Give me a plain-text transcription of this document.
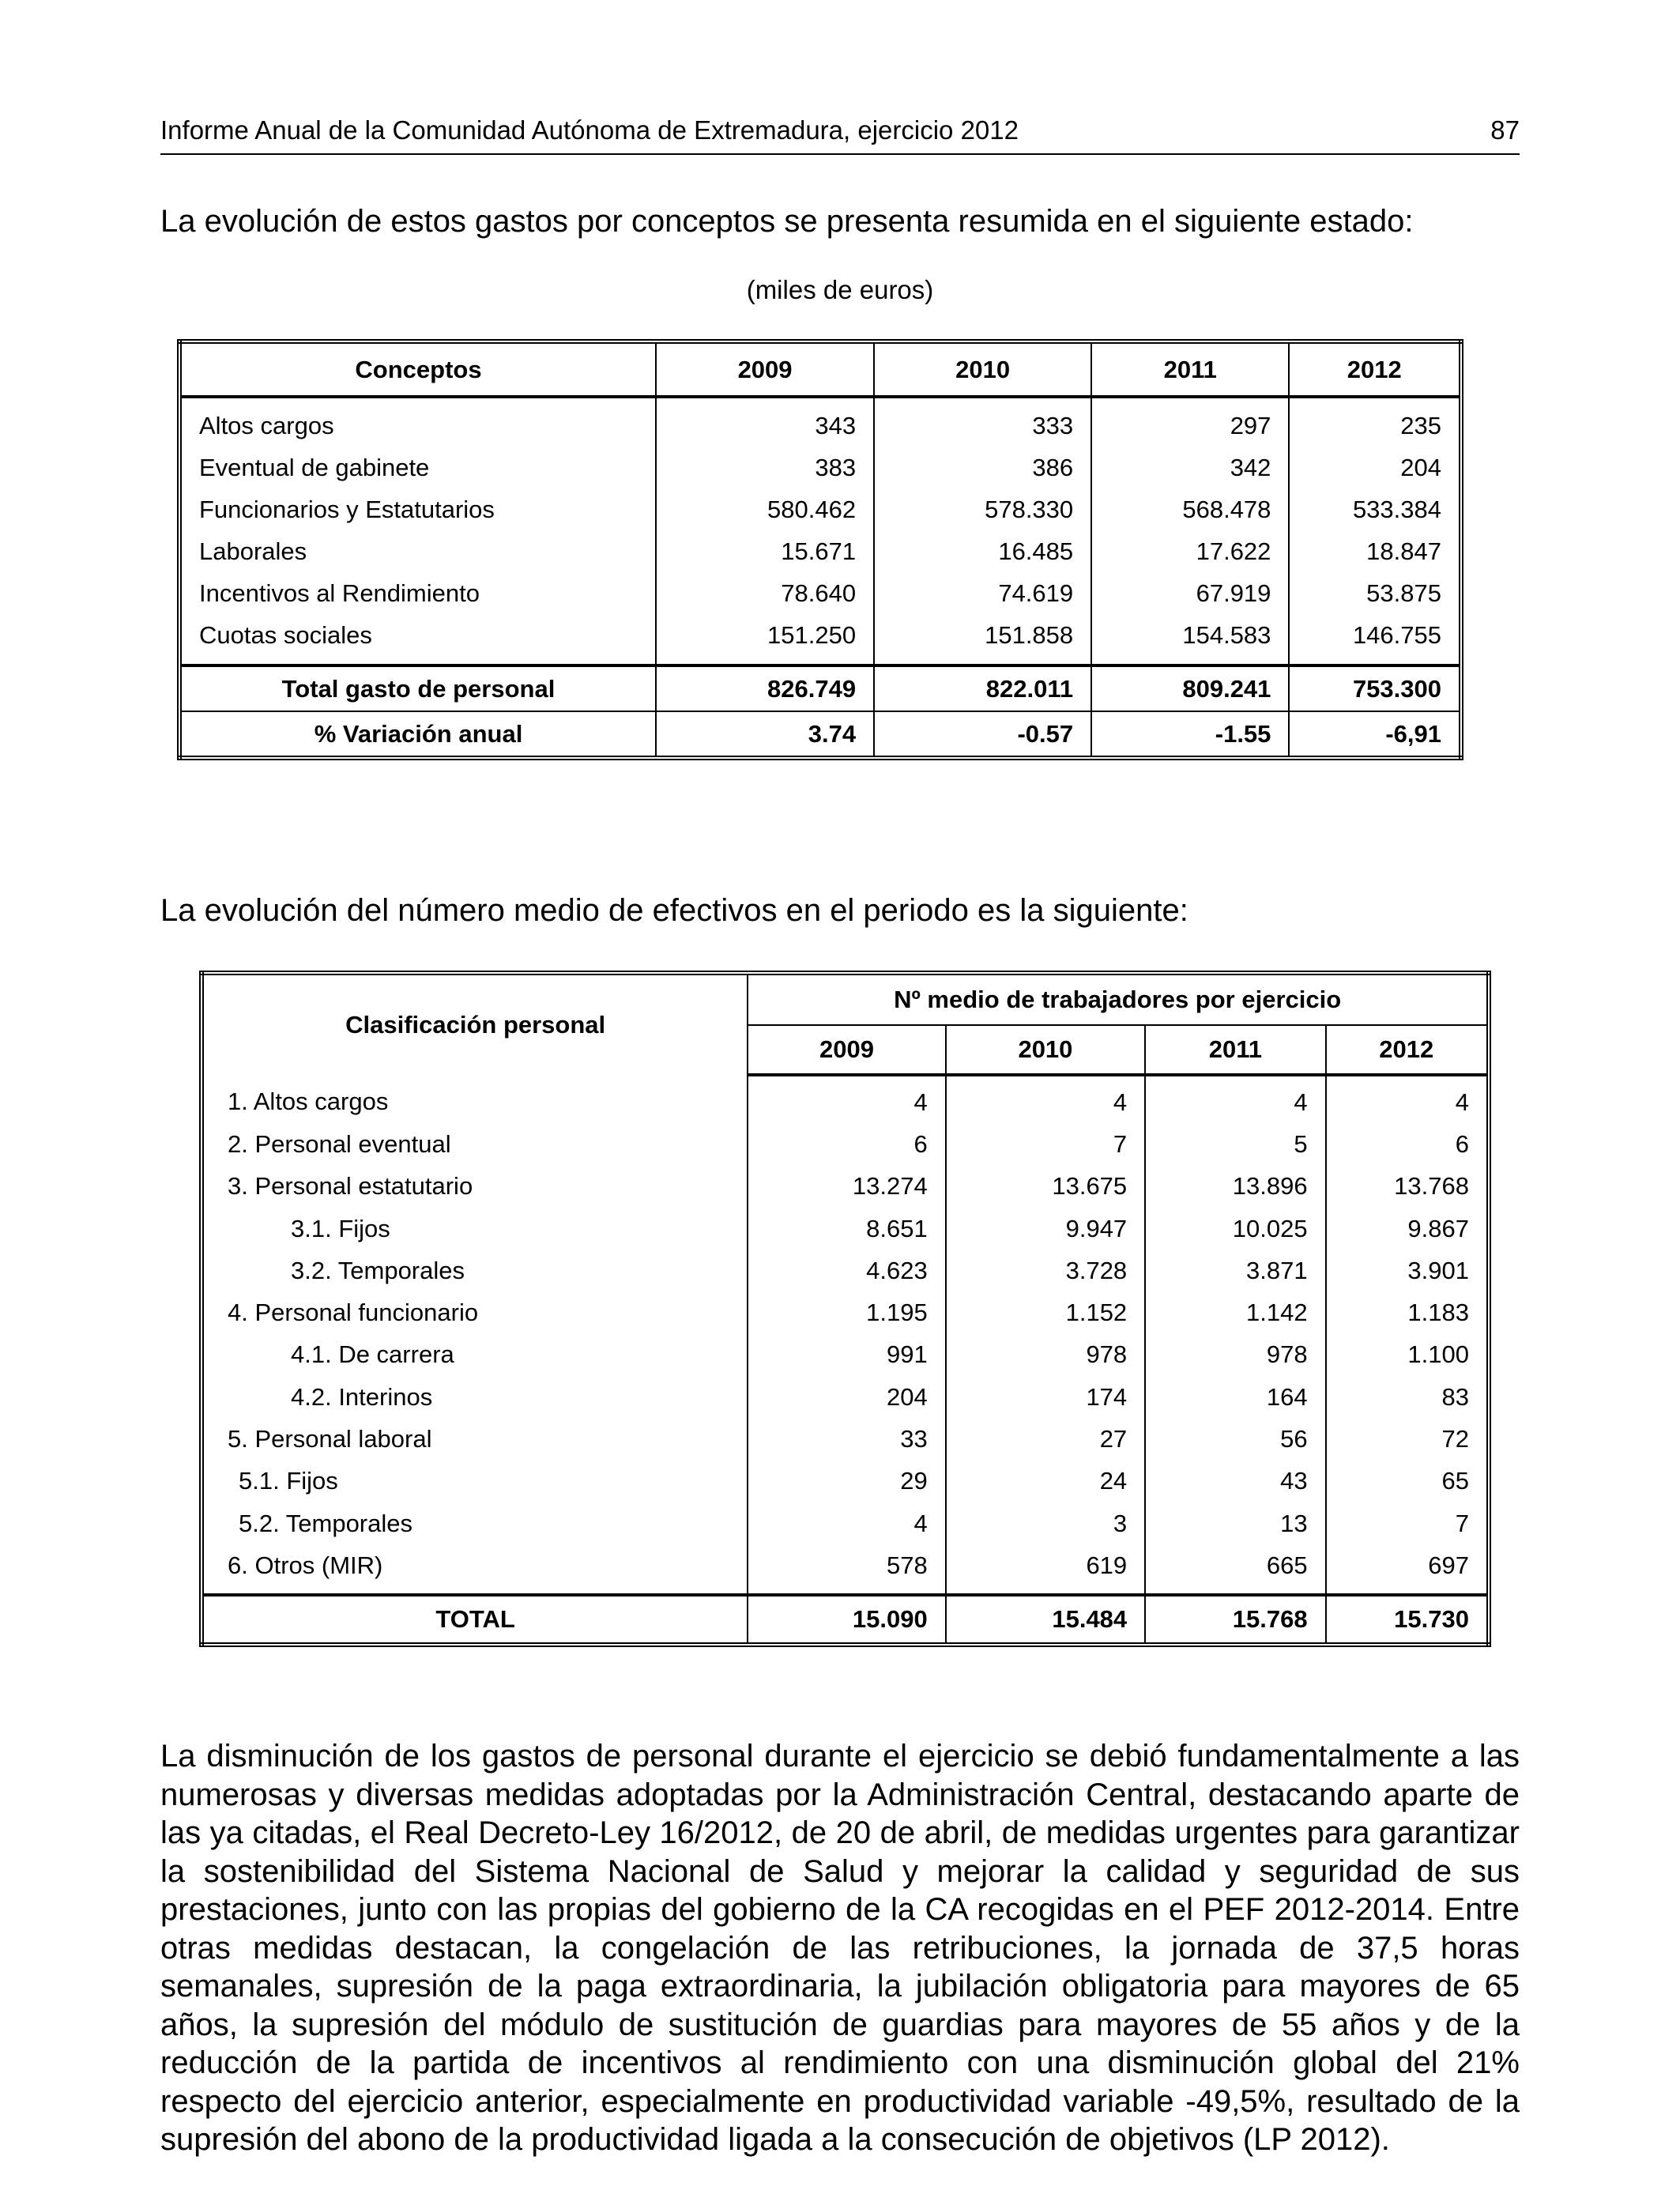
Informe Anual de la Comunidad Autónoma de Extremadura, ejercicio 2012	87
La evolución de estos gastos por conceptos se presenta resumida en el siguiente estado:
(miles de euros)
Conceptos	2009	2010	2011	2012
Altos cargos	343	333	297	235
Eventual de gabinete	383	386	342	204
Funcionarios y Estatutarios	580.462	578.330	568.478	533.384
Laborales	15.671	16.485	17.622	18.847
Incentivos al Rendimiento	78.640	74.619	67.919	53.875
Cuotas sociales	151.250	151.858	154.583	146.755
Total gasto de personal	826.749	822.011	809.241	753.300
% Variación anual	3.74	-0.57	-1.55	-6,91
La evolución del número medio de efectivos en el periodo es la siguiente:
Clasificación personal	Nº medio de trabajadores por ejercicio			
	2009	2010	2011	2012
1. Altos cargos	4	4	4	4
2. Personal eventual	6	7	5	6
3. Personal estatutario	13.274	13.675	13.896	13.768
3.1. Fijos	8.651	9.947	10.025	9.867
3.2. Temporales	4.623	3.728	3.871	3.901
4. Personal funcionario	1.195	1.152	1.142	1.183
4.1. De carrera	991	978	978	1.100
4.2. Interinos	204	174	164	83
5. Personal laboral	33	27	56	72
5.1. Fijos	29	24	43	65
5.2. Temporales	4	3	13	7
6. Otros (MIR)	578	619	665	697
TOTAL	15.090	15.484	15.768	15.730

La disminución de los gastos de personal durante el ejercicio se debió fundamentalmente a las numerosas y diversas medidas adoptadas por la Administración Central, destacando aparte de las ya citadas, el Real Decreto-Ley 16/2012, de 20 de abril, de medidas urgentes para garantizar la sostenibilidad del Sistema Nacional de Salud y mejorar la calidad y seguridad de sus prestaciones, junto con las propias del gobierno de la CA recogidas en el PEF 2012-2014. Entre otras medidas destacan, la congelación de las retribuciones, la jornada de 37,5 horas semanales, supresión de la paga extraordinaria, la jubilación obligatoria para mayores de 65 años, la supresión del módulo de sustitución de guardias para mayores de 55 años y de la reducción de la partida de incentivos al rendimiento con una disminución global del 21% respecto del ejercicio anterior, especialmente en productividad variable -49,5%, resultado de la supresión del abono de la productividad ligada a la consecución de objetivos (LP 2012).
